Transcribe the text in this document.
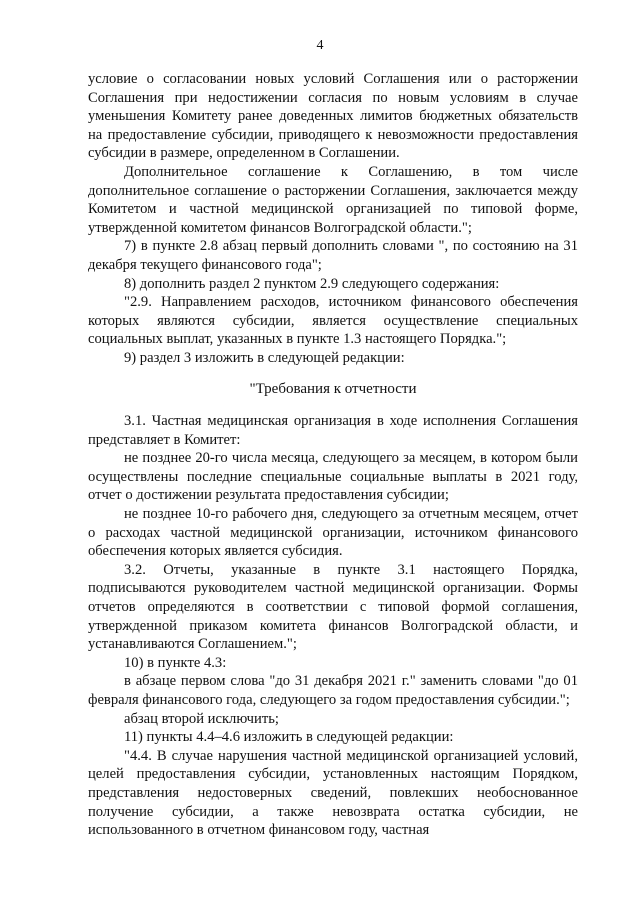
4

условие о согласовании новых условий Соглашения или о расторжении Соглашения при недостижении согласия по новым условиям в случае уменьшения Комитету ранее доведенных лимитов бюджетных обязательств на предоставление субсидии, приводящего к невозможности предоставления субсидии в размере, определенном в Соглашении.

Дополнительное соглашение к Соглашению, в том числе дополнительное соглашение о расторжении Соглашения, заключается между Комитетом и частной медицинской организацией по типовой форме, утвержденной комитетом финансов Волгоградской области.";

7) в пункте 2.8 абзац первый дополнить словами ", по состоянию на 31 декабря текущего финансового года";

8) дополнить раздел 2 пунктом 2.9 следующего содержания:

"2.9. Направлением расходов, источником финансового обеспечения которых являются субсидии, является осуществление специальных социальных выплат, указанных в пункте 1.3 настоящего Порядка.";

9) раздел 3 изложить в следующей редакции:

"Требования к отчетности

3.1. Частная медицинская организация в ходе исполнения Соглашения представляет в Комитет:

не позднее 20-го числа месяца, следующего за месяцем, в котором были осуществлены последние специальные социальные выплаты в 2021 году, отчет о достижении результата предоставления субсидии;

не позднее 10-го рабочего дня, следующего за отчетным месяцем, отчет о расходах частной медицинской организации, источником финансового обеспечения которых является субсидия.

3.2. Отчеты, указанные в пункте 3.1 настоящего Порядка, подписываются руководителем частной медицинской организации. Формы отчетов определяются в соответствии с типовой формой соглашения, утвержденной приказом комитета финансов Волгоградской области, и устанавливаются Соглашением.";

10) в пункте 4.3:

в абзаце первом слова "до 31 декабря 2021 г." заменить словами "до 01 февраля финансового года, следующего за годом предоставления субсидии.";

абзац второй исключить;

11) пункты 4.4–4.6 изложить в следующей редакции:

"4.4. В случае нарушения частной медицинской организацией условий, целей предоставления субсидии, установленных настоящим Порядком, представления недостоверных сведений, повлекших необоснованное получение субсидии, а также невозврата остатка субсидии, не использованного в отчетном финансовом году, частная
